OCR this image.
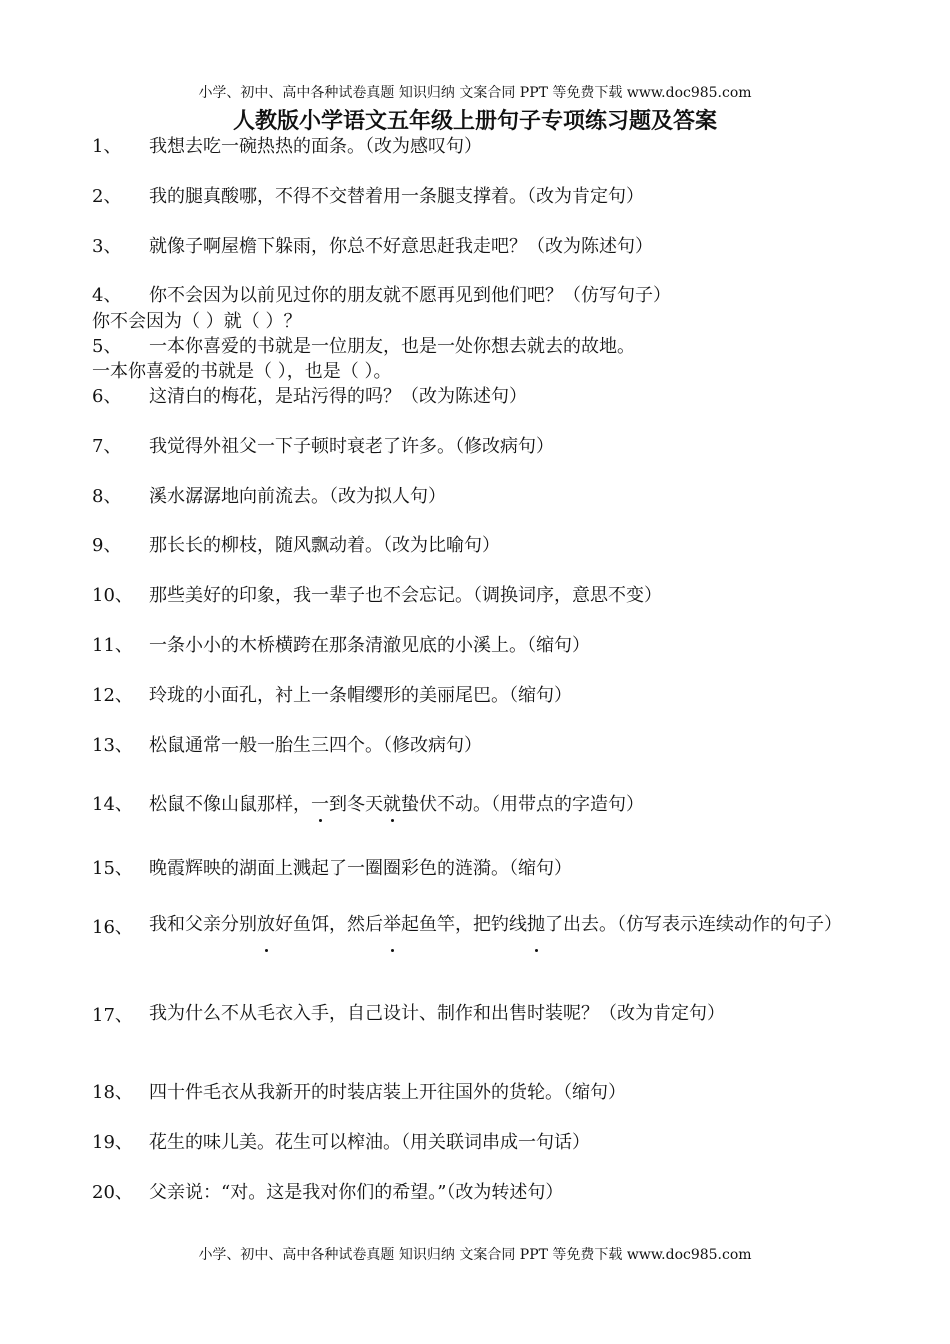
小学、初中、高中各种试卷真题 知识归纳 文案合同 PPT 等免费下载 www.doc985.com
人教版小学语文五年级上册句子专项练习题及答案
1、 我想去吃一碗热热的面条。（改为感叹句）
2、 我的腿真酸哪，不得不交替着用一条腿支撑着。（改为肯定句）
3、 就像子啊屋檐下躲雨，你总不好意思赶我走吧？（改为陈述句）
4、 你不会因为以前见过你的朋友就不愿再见到他们吧？（仿写句子）
你不会因为（ ）就（ ）？
5、 一本你喜爱的书就是一位朋友，也是一处你想去就去的故地。
一本你喜爱的书就是（ ），也是（ ）。
6、 这清白的梅花，是玷污得的吗？（改为陈述句）
7、 我觉得外祖父一下子顿时衰老了许多。（修改病句）
8、 溪水潺潺地向前流去。（改为拟人句）
9、 那长长的柳枝，随风飘动着。（改为比喻句）
10、 那些美好的印象，我一辈子也不会忘记。（调换词序，意思不变）
11、 一条小小的木桥横跨在那条清澈见底的小溪上。（缩句）
12、 玲珑的小面孔，衬上一条帽缨形的美丽尾巴。（缩句）
13、 松鼠通常一般一胎生三四个。（修改病句）
14、 松鼠不像山鼠那样，一到冬天就蛰伏不动。（用带点的字造句）
15、 晚霞辉映的湖面上溅起了一圈圈彩色的涟漪。（缩句）
16、 我和父亲分别放好鱼饵，然后举起鱼竿，把钓线抛了出去。（仿写表示连续动作的句子）
17、 我为什么不从毛衣入手，自己设计、制作和出售时装呢？（改为肯定句）
18、 四十件毛衣从我新开的时装店装上开往国外的货轮。（缩句）
19、 花生的味儿美。花生可以榨油。（用关联词串成一句话）
20、 父亲说：“对。这是我对你们的希望。”（改为转述句）
小学、初中、高中各种试卷真题 知识归纳 文案合同 PPT 等免费下载 www.doc985.com
